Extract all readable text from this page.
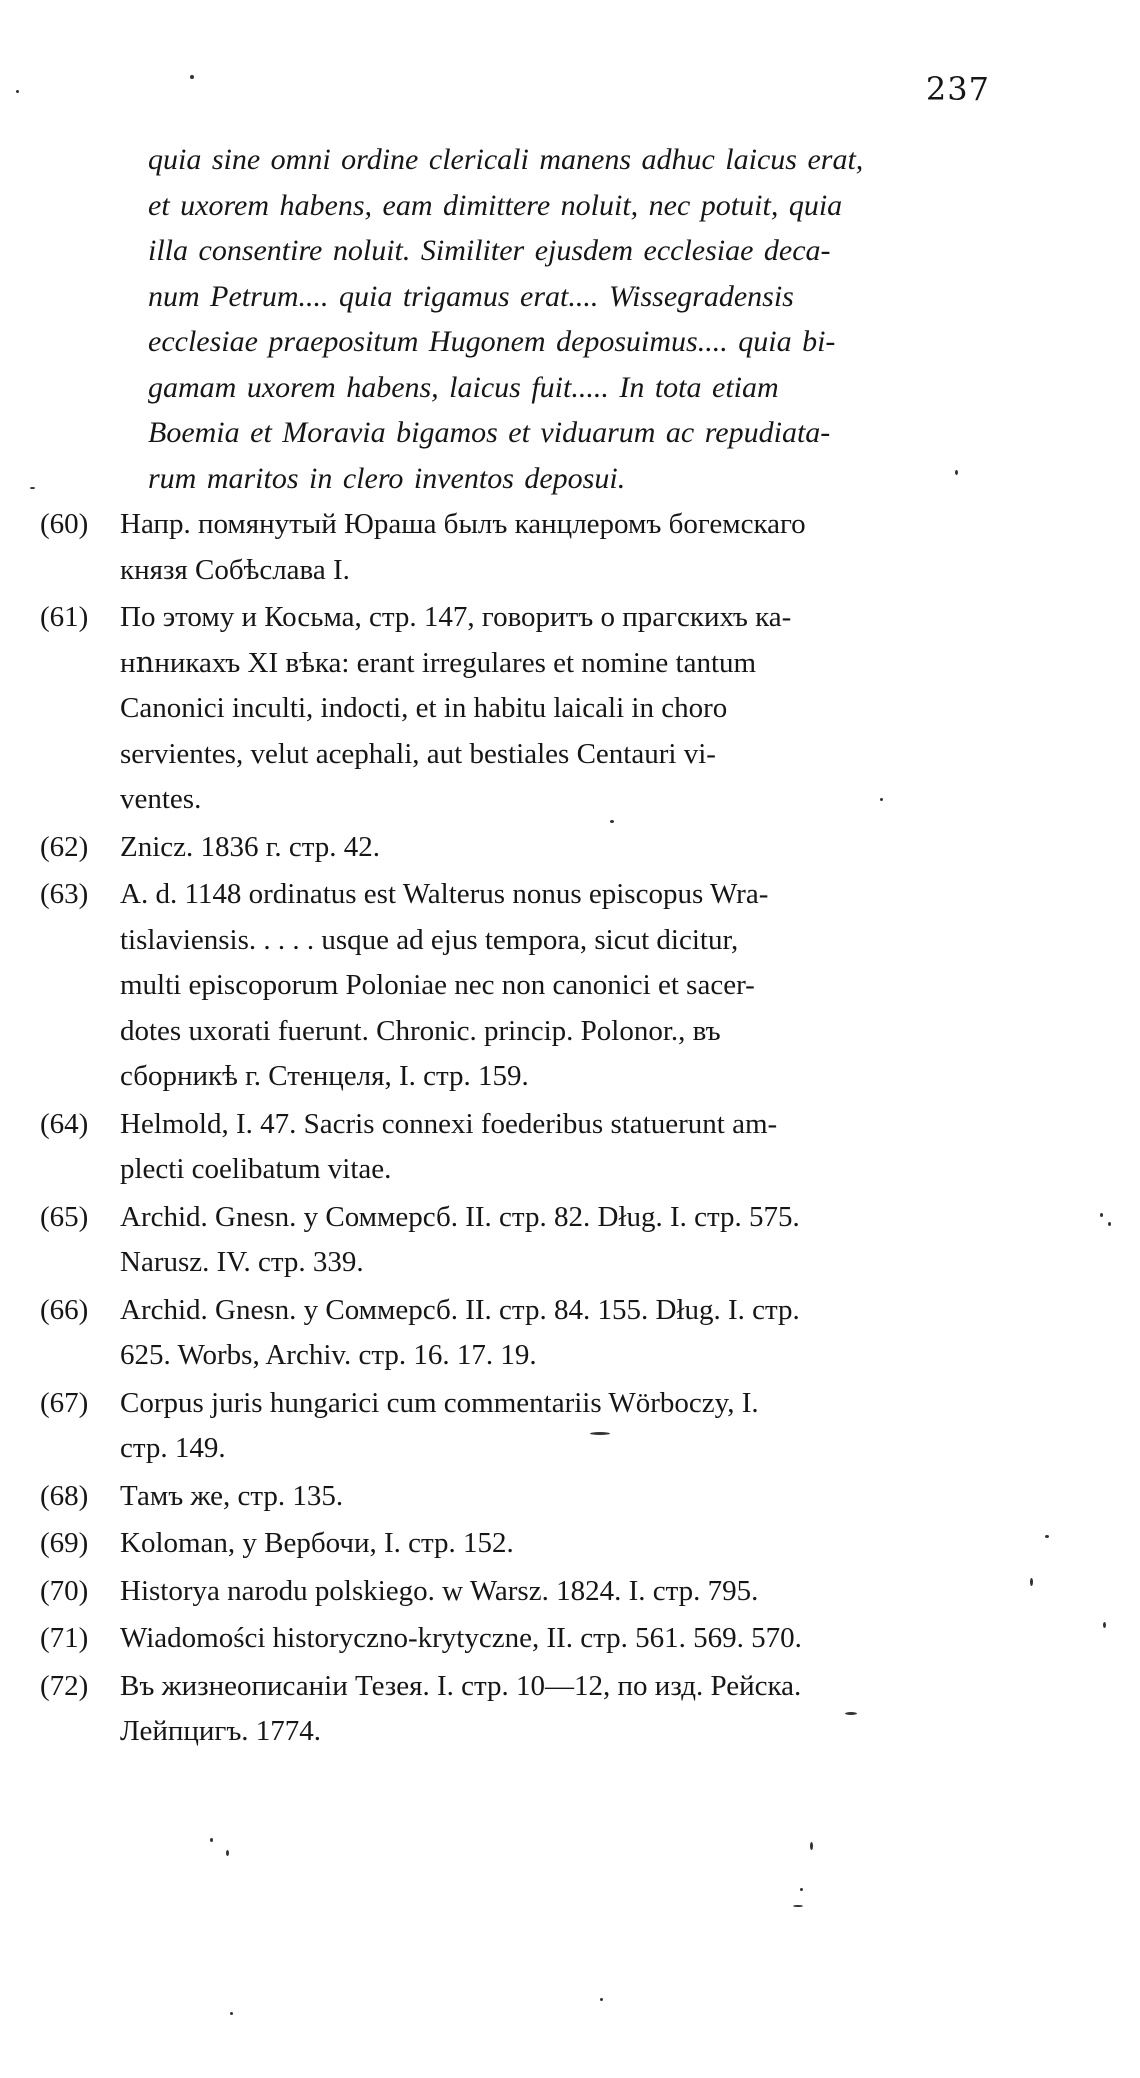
237
quia sine omni ordine clericali manens adhuc laicus erat,
et uxorem habens, eam dimittere noluit, nec potuit, quia
illa consentire noluit. Similiter ejusdem ecclesiae deca-
num Petrum.... quia trigamus erat.... Wissegradensis
ecclesiae praepositum Hugonem deposuimus.... quia bi-
gamam uxorem habens, laicus fuit..... In tota etiam
Boemia et Moravia bigamos et viduarum ac repudiata-
rum maritos in clero inventos deposui.
(60) Напр. помянутый Юраша былъ канцлеромъ богемскаго
князя Собѣслава I.
(61) По этому и Косьма, стр. 147, говоритъ о прагскихъ ка-
нոникахъ XI вѣка: erant irregulares et nomine tantum
Canonici inculti, indocti, et in habitu laicali in choro
servientes, velut acephali, aut bestiales Centauri vi-
ventes.
(62) Znicz. 1836 г. стр. 42.
(63) A. d. 1148 ordinatus est Walterus nonus episcopus Wra-
tislaviensis. . . . . usque ad ejus tempora, sicut dicitur,
multi episcoporum Poloniae nec non canonici et sacer-
dotes uxorati fuerunt. Chronic. princip. Polonor., въ
сборникѣ г. Стенцеля, I. стр. 159.
(64) Helmold, I. 47. Sacris connexi foederibus statuerunt am-
plecti coelibatum vitae.
(65) Archid. Gnesn. у Соммерсб. II. стр. 82. Dług. I. стр. 575.
Narusz. IV. стр. 339.
(66) Archid. Gnesn. у Соммерсб. II. стр. 84. 155. Dług. I. стр.
625. Worbs, Archiv. стр. 16. 17. 19.
(67) Corpus juris hungarici cum commentariis Wörboczy, I.
стр. 149.
(68) Тамъ же, стр. 135.
(69) Koloman, у Вербочи, I. стр. 152.
(70) Historya narodu polskiego. w Warsz. 1824. I. стр. 795.
(71) Wiadomości historyczno-krytyczne, II. стр. 561. 569. 570.
(72) Въ жизнеописаніи Тезея. I. стр. 10—12, по изд. Рейска.
Лейпцигъ. 1774.
